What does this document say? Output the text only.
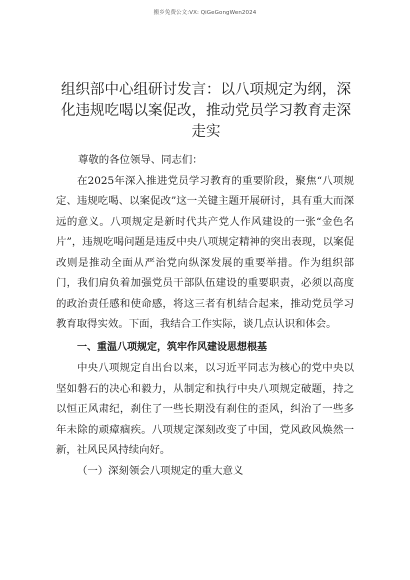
搬乡免费公文:VX: QiGeGongWen2024
组织部中心组研讨发言：以八项规定为纲，深化违规吃喝以案促改，推动党员学习教育走深走实

尊敬的各位领导、同志们：

在2025年深入推进党员学习教育的重要阶段，聚焦“八项规定、违规吃喝、以案促改”这一关键主题开展研讨，具有重大而深远的意义。八项规定是新时代共产党人作风建设的一张“金色名片”，违规吃喝问题是违反中央八项规定精神的突出表现，以案促改则是推动全面从严治党向纵深发展的重要举措。作为组织部门，我们肩负着加强党员干部队伍建设的重要职责，必须以高度的政治责任感和使命感，将这三者有机结合起来，推动党员学习教育取得实效。下面，我结合工作实际，谈几点认识和体会。

一、重温八项规定，筑牢作风建设思想根基

中央八项规定自出台以来，以习近平同志为核心的党中央以坚如磐石的决心和毅力，从制定和执行中央八项规定破题，持之以恒正风肃纪，刹住了一些长期没有刹住的歪风，纠治了一些多年未除的顽瘴痼疾。八项规定深刻改变了中国，党风政风焕然一新，社风民风持续向好。

（一）深刻领会八项规定的重大意义
